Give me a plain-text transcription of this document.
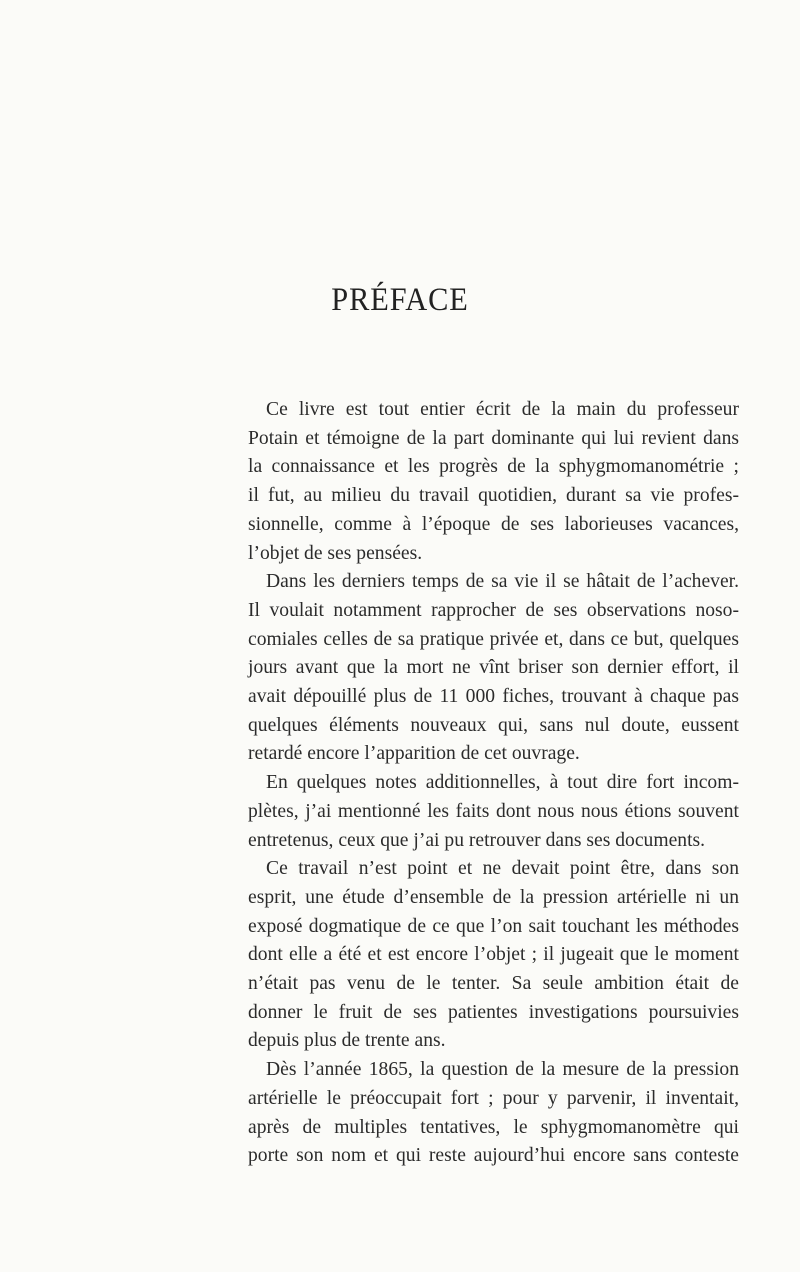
PRÉFACE

Ce livre est tout entier écrit de la main du professeur
Potain et témoigne de la part dominante qui lui revient dans
la connaissance et les progrès de la sphygmomanométrie ;
il fut, au milieu du travail quotidien, durant sa vie profes-
sionnelle, comme à l’époque de ses laborieuses vacances,
l’objet de ses pensées.

Dans les derniers temps de sa vie il se hâtait de l’achever.
Il voulait notamment rapprocher de ses observations noso-
comiales celles de sa pratique privée et, dans ce but, quelques
jours avant que la mort ne vînt briser son dernier effort, il
avait dépouillé plus de 11 000 fiches, trouvant à chaque pas
quelques éléments nouveaux qui, sans nul doute, eussent
retardé encore l’apparition de cet ouvrage.

En quelques notes additionnelles, à tout dire fort incom-
plètes, j’ai mentionné les faits dont nous nous étions souvent
entretenus, ceux que j’ai pu retrouver dans ses documents.

Ce travail n’est point et ne devait point être, dans son
esprit, une étude d’ensemble de la pression artérielle ni un
exposé dogmatique de ce que l’on sait touchant les méthodes
dont elle a été et est encore l’objet ; il jugeait que le moment
n’était pas venu de le tenter. Sa seule ambition était de
donner le fruit de ses patientes investigations poursuivies
depuis plus de trente ans.

Dès l’année 1865, la question de la mesure de la pression
artérielle le préoccupait fort ; pour y parvenir, il inventait,
après de multiples tentatives, le sphygmomanomètre qui
porte son nom et qui reste aujourd’hui encore sans conteste
